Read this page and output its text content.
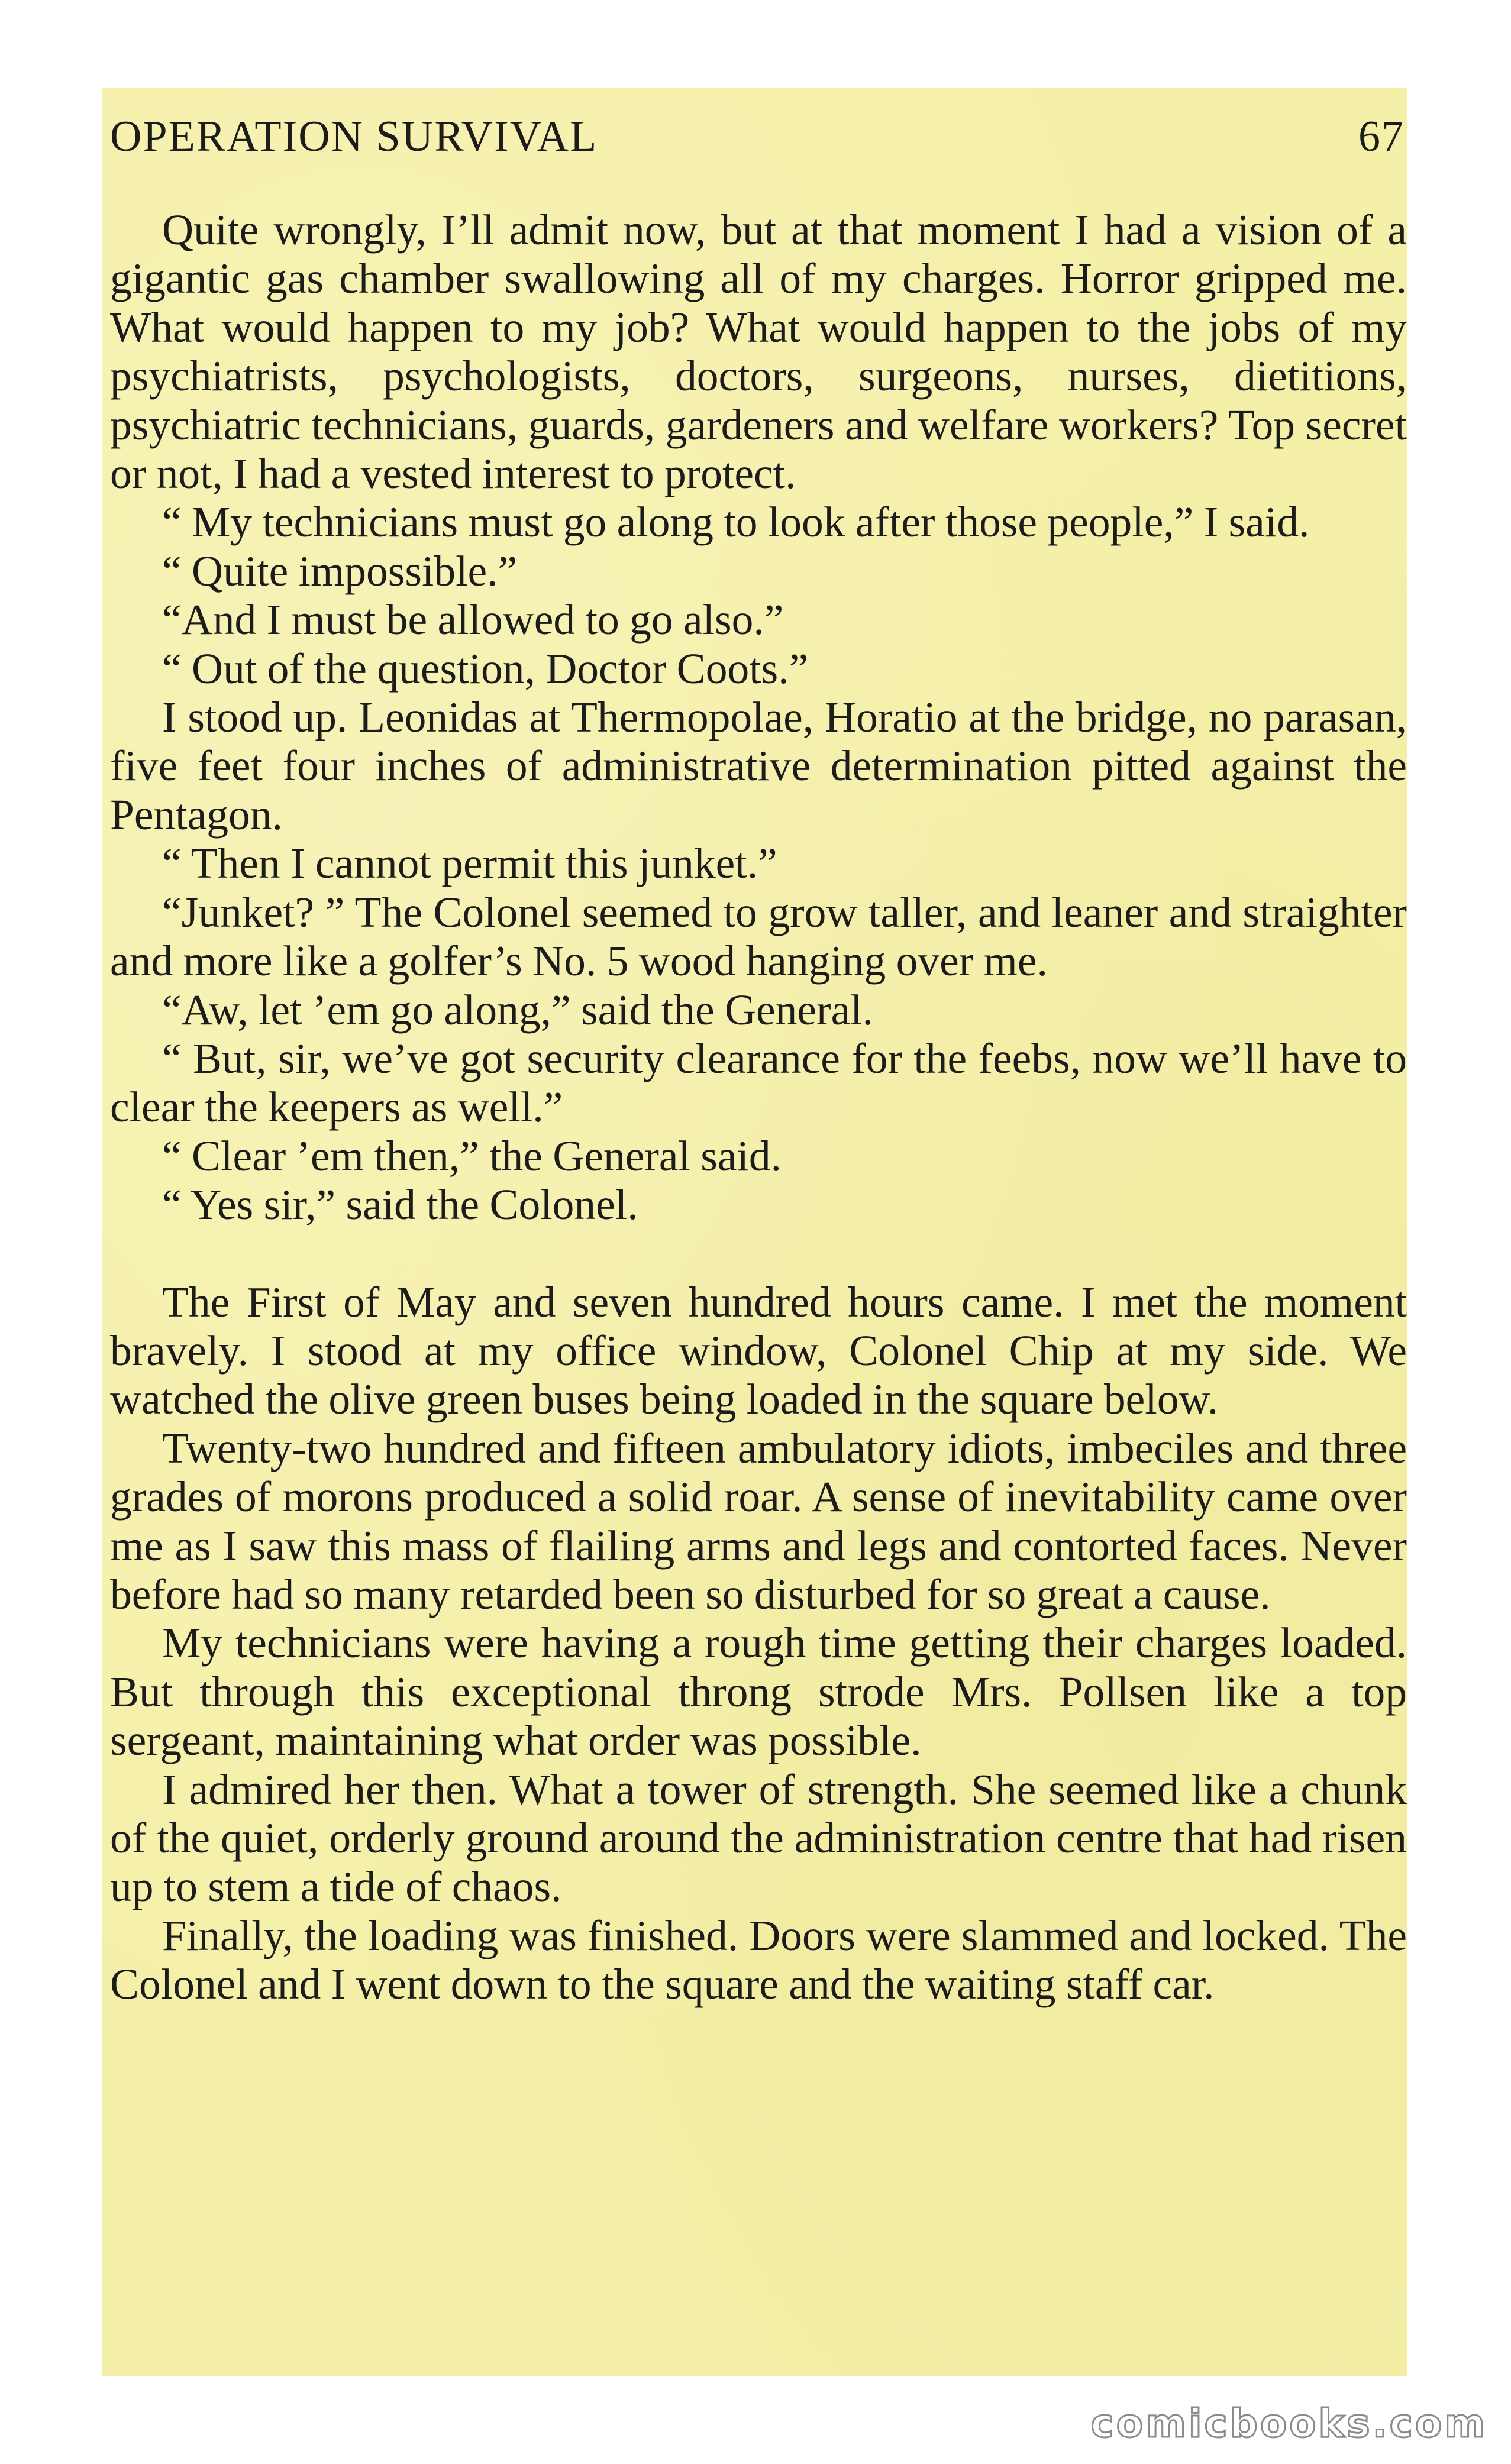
OPERATION SURVIVAL	67

Quite wrongly, I’ll admit now, but at that moment I had a vision of a gigantic gas chamber swallowing all of my charges. Horror gripped me. What would happen to my job? What would happen to the jobs of my psychiatrists, psychologists, doctors, surgeons, nurses, dietitions, psychiatric technicians, guards, gardeners and welfare workers? Top secret or not, I had a vested interest to protect.

“ My technicians must go along to look after those people,” I said.

“ Quite impossible.”

“And I must be allowed to go also.”

“ Out of the question, Doctor Coots.”

I stood up. Leonidas at Thermopolae, Horatio at the bridge, no parasan, five feet four inches of administrative determination pitted against the Pentagon.

“ Then I cannot permit this junket.”

“Junket? ” The Colonel seemed to grow taller, and leaner and straighter and more like a golfer’s No. 5 wood hanging over me.

“Aw, let ’em go along,” said the General.

“ But, sir, we’ve got security clearance for the feebs, now we’ll have to clear the keepers as well.”

“ Clear ’em then,” the General said.

“ Yes sir,” said the Colonel.

The First of May and seven hundred hours came. I met the moment bravely. I stood at my office window, Colonel Chip at my side. We watched the olive green buses being loaded in the square below.

Twenty-two hundred and fifteen ambulatory idiots, imbeciles and three grades of morons produced a solid roar. A sense of inevitability came over me as I saw this mass of flailing arms and legs and contorted faces. Never before had so many retarded been so disturbed for so great a cause.

My technicians were having a rough time getting their charges loaded. But through this exceptional throng strode Mrs. Pollsen like a top sergeant, maintaining what order was possible.

I admired her then. What a tower of strength. She seemed like a chunk of the quiet, orderly ground around the administration centre that had risen up to stem a tide of chaos.

Finally, the loading was finished. Doors were slammed and locked. The Colonel and I went down to the square and the waiting staff car.

comicbooks.com
